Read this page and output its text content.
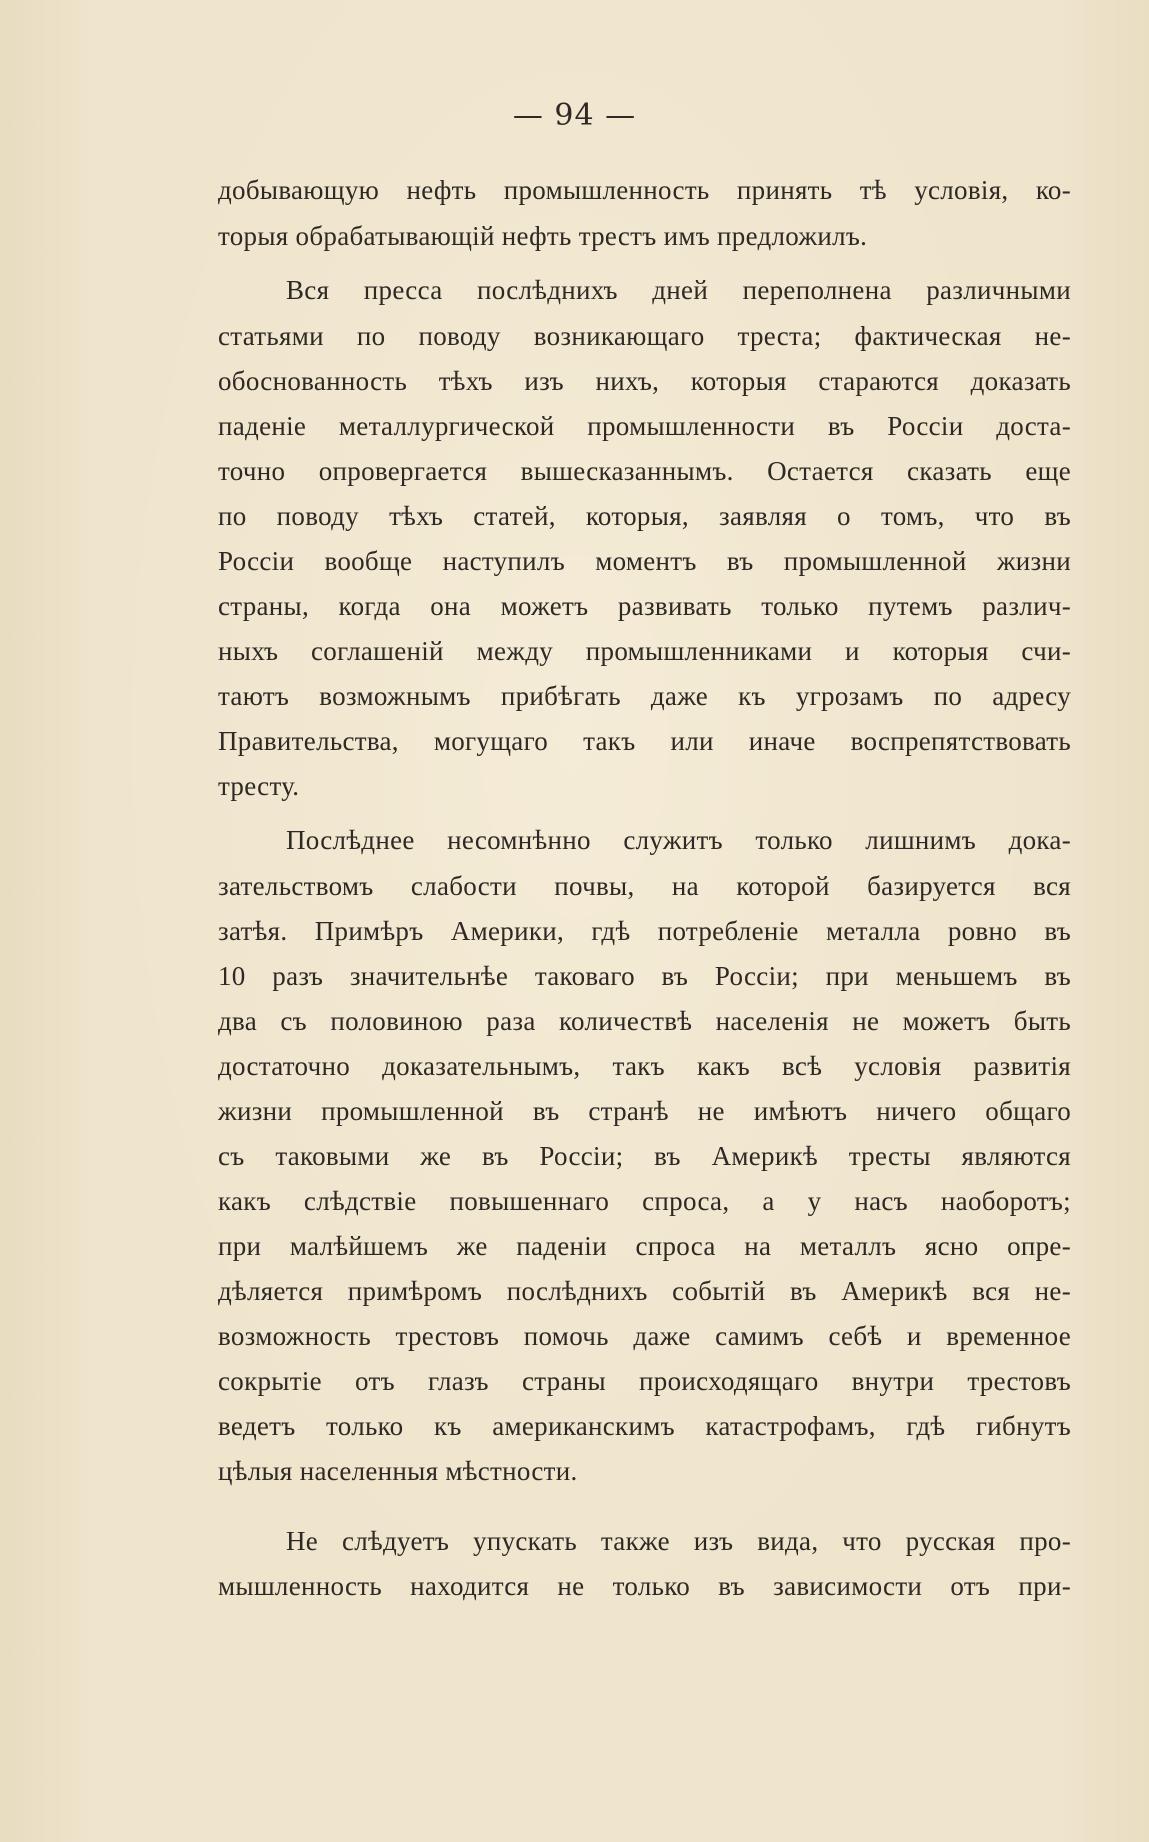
— 94 —
добывающую нефть промышленность принять тѣ условія, ко-
торыя обрабатывающій нефть трестъ имъ предложилъ.
Вся пресса послѣднихъ дней переполнена различными
статьями по поводу возникающаго треста; фактическая не-
обоснованность тѣхъ изъ нихъ, которыя стараются доказать
паденіе металлургической промышленности въ Россіи доста-
точно опровергается вышесказаннымъ. Остается сказать еще
по поводу тѣхъ статей, которыя, заявляя о томъ, что въ
Россіи вообще наступилъ моментъ въ промышленной жизни
страны, когда она можетъ развивать только путемъ различ-
ныхъ соглашеній между промышленниками и которыя счи-
таютъ возможнымъ прибѣгать даже къ угрозамъ по адресу
Правительства, могущаго такъ или иначе воспрепятствовать
тресту.
Послѣднее несомнѣнно служитъ только лишнимъ дока-
зательствомъ слабости почвы, на которой базируется вся
затѣя. Примѣръ Америки, гдѣ потребленіе металла ровно въ
10 разъ значительнѣе таковаго въ Россіи; при меньшемъ въ
два съ половиною раза количествѣ населенія не можетъ быть
достаточно доказательнымъ, такъ какъ всѣ условія развитія
жизни промышленной въ странѣ не имѣютъ ничего общаго
съ таковыми же въ Россіи; въ Америкѣ тресты являются
какъ слѣдствіе повышеннаго спроса, а у насъ наоборотъ;
при малѣйшемъ же паденіи спроса на металлъ ясно опре-
дѣляется примѣромъ послѣднихъ событій въ Америкѣ вся не-
возможность трестовъ помочь даже самимъ себѣ и временное
сокрытіе отъ глазъ страны происходящаго внутри трестовъ
ведетъ только къ американскимъ катастрофамъ, гдѣ гибнутъ
цѣлыя населенныя мѣстности.
Не слѣдуетъ упускать также изъ вида, что русская про-
мышленность находится не только въ зависимости отъ при-
